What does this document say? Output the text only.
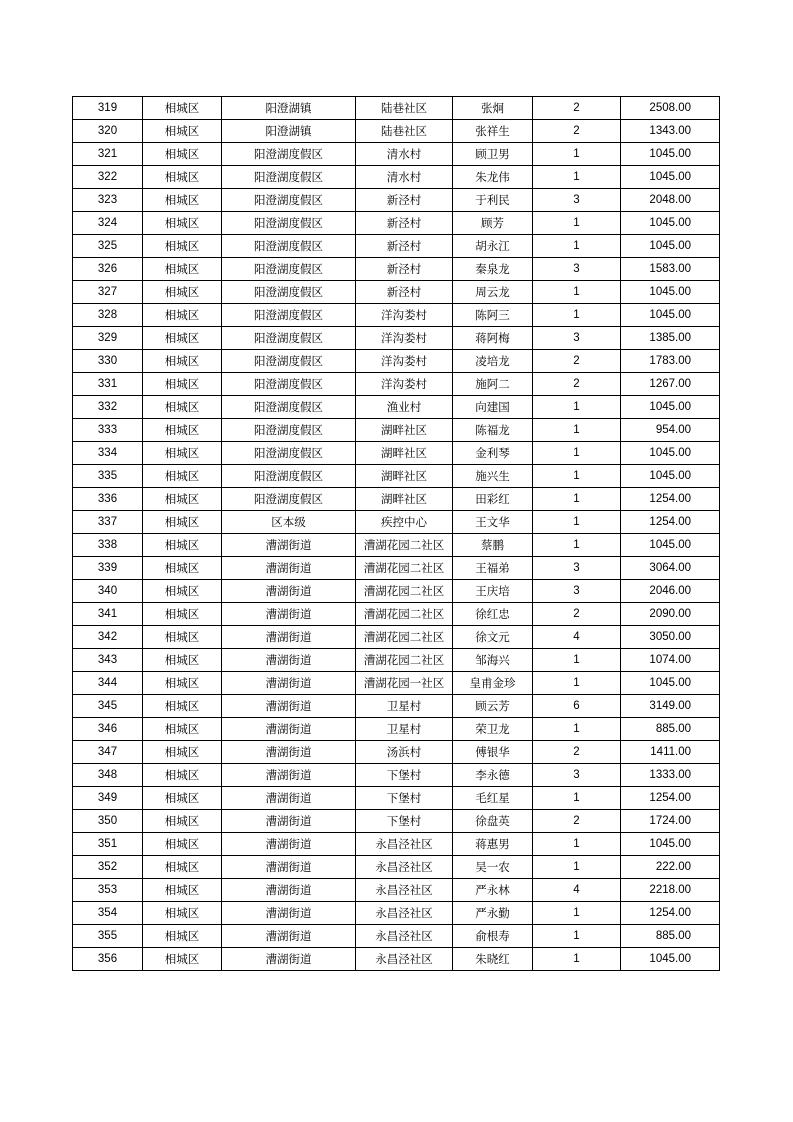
319	相城区	阳澄湖镇	陆巷社区	张炯	2	2508.00
320	相城区	阳澄湖镇	陆巷社区	张祥生	2	1343.00
321	相城区	阳澄湖度假区	清水村	顾卫男	1	1045.00
322	相城区	阳澄湖度假区	清水村	朱龙伟	1	1045.00
323	相城区	阳澄湖度假区	新泾村	于利民	3	2048.00
324	相城区	阳澄湖度假区	新泾村	顾芳	1	1045.00
325	相城区	阳澄湖度假区	新泾村	胡永江	1	1045.00
326	相城区	阳澄湖度假区	新泾村	秦泉龙	3	1583.00
327	相城区	阳澄湖度假区	新泾村	周云龙	1	1045.00
328	相城区	阳澄湖度假区	洋沟娄村	陈阿三	1	1045.00
329	相城区	阳澄湖度假区	洋沟娄村	蒋阿梅	3	1385.00
330	相城区	阳澄湖度假区	洋沟娄村	凌培龙	2	1783.00
331	相城区	阳澄湖度假区	洋沟娄村	施阿二	2	1267.00
332	相城区	阳澄湖度假区	渔业村	向建国	1	1045.00
333	相城区	阳澄湖度假区	湖畔社区	陈福龙	1	954.00
334	相城区	阳澄湖度假区	湖畔社区	金利琴	1	1045.00
335	相城区	阳澄湖度假区	湖畔社区	施兴生	1	1045.00
336	相城区	阳澄湖度假区	湖畔社区	田彩红	1	1254.00
337	相城区	区本级	疾控中心	王文华	1	1254.00
338	相城区	漕湖街道	漕湖花园二社区	蔡鹏	1	1045.00
339	相城区	漕湖街道	漕湖花园二社区	王福弟	3	3064.00
340	相城区	漕湖街道	漕湖花园二社区	王庆培	3	2046.00
341	相城区	漕湖街道	漕湖花园二社区	徐红忠	2	2090.00
342	相城区	漕湖街道	漕湖花园二社区	徐文元	4	3050.00
343	相城区	漕湖街道	漕湖花园二社区	邹海兴	1	1074.00
344	相城区	漕湖街道	漕湖花园一社区	皇甫金珍	1	1045.00
345	相城区	漕湖街道	卫星村	顾云芳	6	3149.00
346	相城区	漕湖街道	卫星村	荣卫龙	1	885.00
347	相城区	漕湖街道	汤浜村	傅银华	2	1411.00
348	相城区	漕湖街道	下堡村	李永德	3	1333.00
349	相城区	漕湖街道	下堡村	毛红星	1	1254.00
350	相城区	漕湖街道	下堡村	徐盘英	2	1724.00
351	相城区	漕湖街道	永昌泾社区	蒋惠男	1	1045.00
352	相城区	漕湖街道	永昌泾社区	吴一农	1	222.00
353	相城区	漕湖街道	永昌泾社区	严永林	4	2218.00
354	相城区	漕湖街道	永昌泾社区	严永勤	1	1254.00
355	相城区	漕湖街道	永昌泾社区	俞根寿	1	885.00
356	相城区	漕湖街道	永昌泾社区	朱晓红	1	1045.00
